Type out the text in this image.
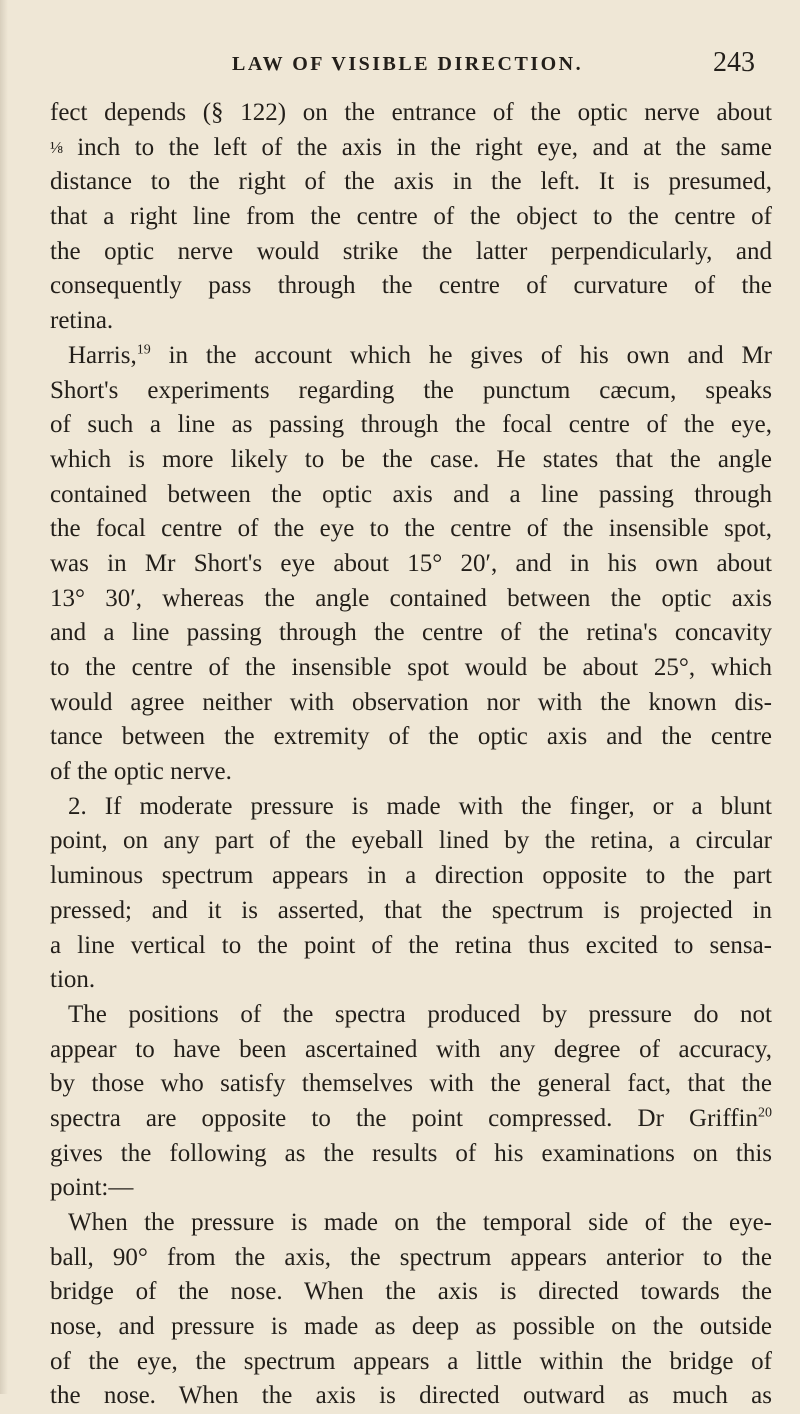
LAW OF VISIBLE DIRECTION.	243
fect depends (§ 122) on the entrance of the optic nerve about
⅛ inch to the left of the axis in the right eye, and at the same
distance to the right of the axis in the left. It is presumed,
that a right line from the centre of the object to the centre of
the optic nerve would strike the latter perpendicularly, and
consequently pass through the centre of curvature of the
retina.
Harris,$^{19}$ in the account which he gives of his own and Mr
Short's experiments regarding the punctum cæcum, speaks
of such a line as passing through the focal centre of the eye,
which is more likely to be the case. He states that the angle
contained between the optic axis and a line passing through
the focal centre of the eye to the centre of the insensible spot,
was in Mr Short's eye about 15° 20′, and in his own about
13° 30′, whereas the angle contained between the optic axis
and a line passing through the centre of the retina's concavity
to the centre of the insensible spot would be about 25°, which
would agree neither with observation nor with the known dis-
tance between the extremity of the optic axis and the centre
of the optic nerve.
2. If moderate pressure is made with the finger, or a blunt
point, on any part of the eyeball lined by the retina, a circular
luminous spectrum appears in a direction opposite to the part
pressed; and it is asserted, that the spectrum is projected in
a line vertical to the point of the retina thus excited to sensa-
tion.
The positions of the spectra produced by pressure do not
appear to have been ascertained with any degree of accuracy,
by those who satisfy themselves with the general fact, that the
spectra are opposite to the point compressed. Dr Griffin$^{20}$
gives the following as the results of his examinations on this
point:—
When the pressure is made on the temporal side of the eye-
ball, 90° from the axis, the spectrum appears anterior to the
bridge of the nose. When the axis is directed towards the
nose, and pressure is made as deep as possible on the outside
of the eye, the spectrum appears a little within the bridge of
the nose. When the axis is directed outward as much as
